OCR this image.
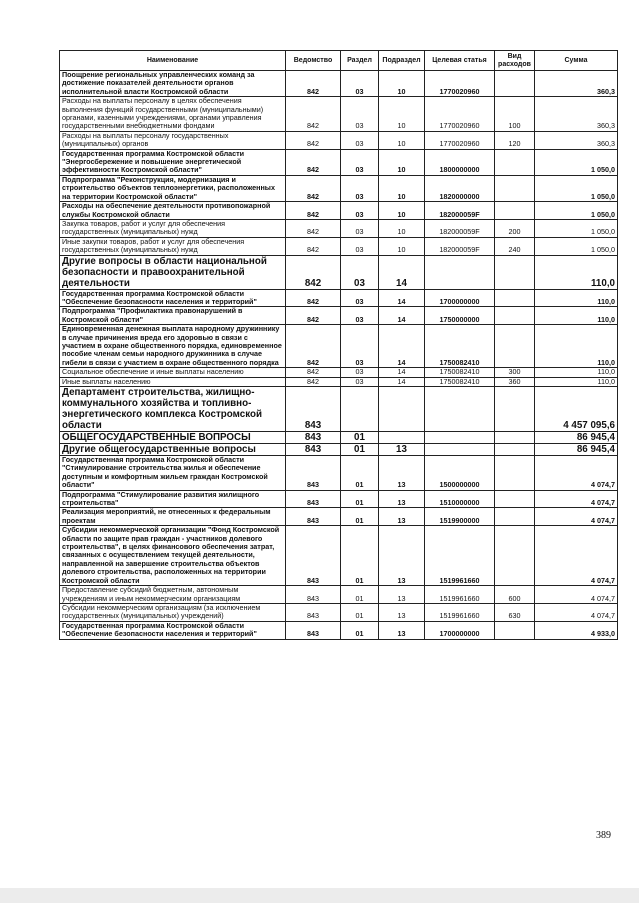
Наименование	Ведомство	Раздел	Подраздел	Целевая статья	Вид расходов	Сумма
Поощрение региональных управленческих команд за достижение показателей деятельности органов исполнительной власти Костромской области	842	03	10	1770020960		360,3
Расходы на выплаты персоналу в целях обеспечения выполнения функций государственными (муниципальными) органами, казенными учреждениями, органами управления государственными внебюджетными фондами	842	03	10	1770020960	100	360,3
Расходы на выплаты персоналу государственных (муниципальных) органов	842	03	10	1770020960	120	360,3
Государственная программа Костромской области "Энергосбережение и повышение энергетической эффективности Костромской области"	842	03	10	1800000000		1 050,0
Подпрограмма "Реконструкция, модернизация и строительство объектов теплоэнергетики, расположенных на территории Костромской области"	842	03	10	1820000000		1 050,0
Расходы на обеспечение деятельности противопожарной службы Костромской области	842	03	10	182000059F		1 050,0
Закупка товаров, работ и услуг для обеспечения государственных (муниципальных) нужд	842	03	10	182000059F	200	1 050,0
Иные закупки товаров, работ и услуг для обеспечения государственных (муниципальных) нужд	842	03	10	182000059F	240	1 050,0
Другие вопросы в области национальной безопасности и правоохранительной деятельности	842	03	14			110,0
Государственная программа Костромской области "Обеспечение безопасности населения и территорий"	842	03	14	1700000000		110,0
Подпрограмма "Профилактика правонарушений в Костромской области"	842	03	14	1750000000		110,0
Единовременная денежная выплата народному дружиннику в случае причинения вреда его здоровью в связи с участием в охране общественного порядка, единовременное пособие членам семьи народного дружинника в случае гибели в связи с участием в охране общественного порядка	842	03	14	1750082410		110,0
Социальное обеспечение и иные выплаты населению	842	03	14	1750082410	300	110,0
Иные выплаты населению	842	03	14	1750082410	360	110,0
Департамент строительства, жилищно-коммунального хозяйства и топливно-энергетического комплекса Костромской области	843					4 457 095,6
ОБЩЕГОСУДАРСТВЕННЫЕ ВОПРОСЫ	843	01				86 945,4
Другие общегосударственные вопросы	843	01	13			86 945,4
Государственная программа Костромской области "Стимулирование строительства жилья и обеспечение доступным и комфортным жильем граждан Костромской области"	843	01	13	1500000000		4 074,7
Подпрограмма "Стимулирование развития жилищного строительства"	843	01	13	1510000000		4 074,7
Реализация мероприятий, не отнесенных к федеральным проектам	843	01	13	1519900000		4 074,7
Субсидии некоммерческой организации "Фонд Костромской области по защите прав граждан - участников долевого строительства", в целях финансового обеспечения затрат, связанных с осуществлением текущей деятельности, направленной на завершение строительства объектов долевого строительства, расположенных на территории Костромской области	843	01	13	1519961660		4 074,7
Предоставление субсидий бюджетным, автономным учреждениям и иным некоммерческим организациям	843	01	13	1519961660	600	4 074,7
Субсидии некоммерческим организациям (за исключением государственных (муниципальных) учреждений)	843	01	13	1519961660	630	4 074,7
Государственная программа Костромской области "Обеспечение безопасности населения и территорий"	843	01	13	1700000000		4 933,0
389
